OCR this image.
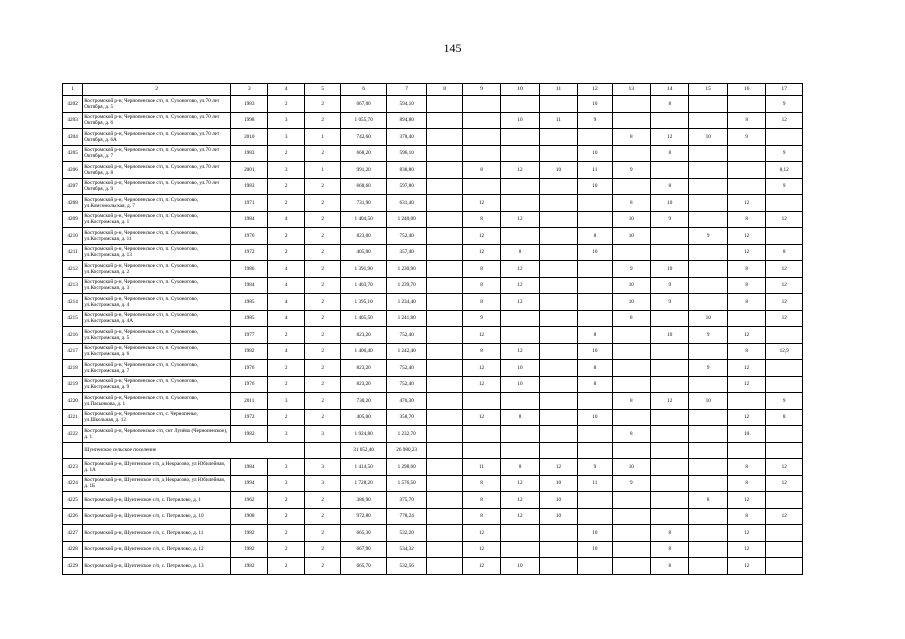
145
1	2	3	4	5	6	7	8	9	10	11	12	13	14	15	16	17
4202	Костромской р-н, Чернопенское с/п, п. Сухоногово, ул.70 лет Октября, д. 5	1983	2	2	667,00	594,10					10		8			9
4203	Костромской р-н, Чернопенское с/п, п. Сухоногово, ул.70 лет Октября, д. 6	1998	3	2	1 055,70	894,80			10	11	9				8	12
4204	Костромской р-н, Чернопенское с/п, п. Сухоногово, ул.70 лет Октября, д. 6А	2010	3	1	742,60	378,40						8	12	10	9	
4205	Костромской р-н, Чернопенское с/п, п. Сухоногово, ул.70 лет Октября, д. 7	1983	2	2	668,20	596,10					10		8			9
4206	Костромской р-н, Чернопенское с/п, п. Сухоногово, ул.70 лет Октября, д. 8	2001	3	1	991,20	838,80		8	12	10	11	9				8,12
4207	Костромской р-н, Чернопенское с/п, п. Сухоногово, ул.70 лет Октября, д. 9	1983	2	2	668,60	597,80					10		8			9
4208	Костромской р-н, Чернопенское с/п, п. Сухоногово, ул.Комсомольская, д. 7	1971	2	2	731,90	631,40		12				8	10		12	
4209	Костромской р-н, Чернопенское с/п, п. Сухоногово, ул.Костромская, д. 1	1984	4	2	1 404,50	1 240,00		8	12			10	9		8	12
4210	Костромской р-н, Чернопенское с/п, п. Сухоногово, ул.Костромская, д. 11	1976	2	2	823,00	752,40		12			8	10		9	12	
4211	Костромской р-н, Чернопенское с/п, п. Сухоногово, ул.Костромская, д. 13	1972	2	2	405,00	357,40		12	8		10				12	8
4212	Костромской р-н, Чернопенское с/п, п. Сухоногово, ул.Костромская, д. 2	1986	4	2	1 391,90	1 230,90		8	12			9	10		8	12
4213	Костромской р-н, Чернопенское с/п, п. Сухоногово, ул.Костромская, д. 3	1984	4	2	1 403,70	1 239,70		8	12			10	9		8	12
4214	Костромской р-н, Чернопенское с/п, п. Сухоногово, ул.Костромская, д. 4	1985	4	2	1 395,10	1 234,40		8	12			10	9		8	12
4215	Костромской р-н, Чернопенское с/п, п. Сухоногово, ул.Костромская, д. 4А	1985	4	2	1 405,50	1 241,80		9				8		10		12
4216	Костромской р-н, Чернопенское с/п, п. Сухоногово, ул.Костромская, д. 5	1977	2	2	823,20	752,40		12			8		10	9	12	
4217	Костромской р-н, Чернопенское с/п, п. Сухоногово, ул.Костромская, д. 6	1982	4	2	1 406,40	1 242,40		8	12		10				8	12,9
4218	Костромской р-н, Чернопенское с/п, п. Сухоногово, ул.Костромская, д. 7	1976	2	2	823,20	752,40		12	10		8			9	12	
4219	Костромской р-н, Чернопенское с/п, п. Сухоногово, ул.Костромская, д. 9	1976	2	2	823,20	752,40		12	10		8				12	
4220	Костромской р-н, Чернопенское с/п, п. Сухоногово, ул.Пасынкова, д. 1	2011	3	2	730,20	470,30						8	12	10		9
4221	Костромской р-н, Чернопенское с/п, с. Чернопенье, ул.Школьная, д. 12	1972	2	2	405,00	358,70		12	8		10				12	8
4222	Костромской р-н, Чернопенское с/п, снт Лунёво (Чернопенское), д. 1	1982	3	3	1 924,80	1 232,70						8			10	
	Шунгенское сельское поселение				31 052,40	26 980,23										
4223	Костромской р-н, Шунгенское с/п, д Некрасово, ул Юбилейная, д. 1А	1984	3	3	1 414,50	1 298,60		11	8	12	9	10			8	12
4224	Костромской р-н, Шунгенское с/п, д Некрасово, ул Юбилейная, д. 1Б	1994	3	3	1 728,20	1 576,50		8	12	10	11	9			8	12
4225	Костромской р-н, Шунгенское с/п, с. Петрилово, д. 1	1962	2	2	386,90	375,70		8	12	10				8	12	
4226	Костромской р-н, Шунгенское с/п, с. Петрилово, д. 10	1908	2	2	972,80	778,24		8	12	10					8	12
4227	Костромской р-н, Шунгенское с/п, с. Петрилово, д. 11	1982	2	2	665,30	532,20		12			10		8		12	
4228	Костромской р-н, Шунгенское с/п, с. Петрилово, д. 12	1982	2	2	667,90	534,32		12			10		8		12	
4229	Костромской р-н, Шунгенское с/п, с. Петрилово, д. 13	1982	2	2	665,70	532,56		12	10				8		12	
